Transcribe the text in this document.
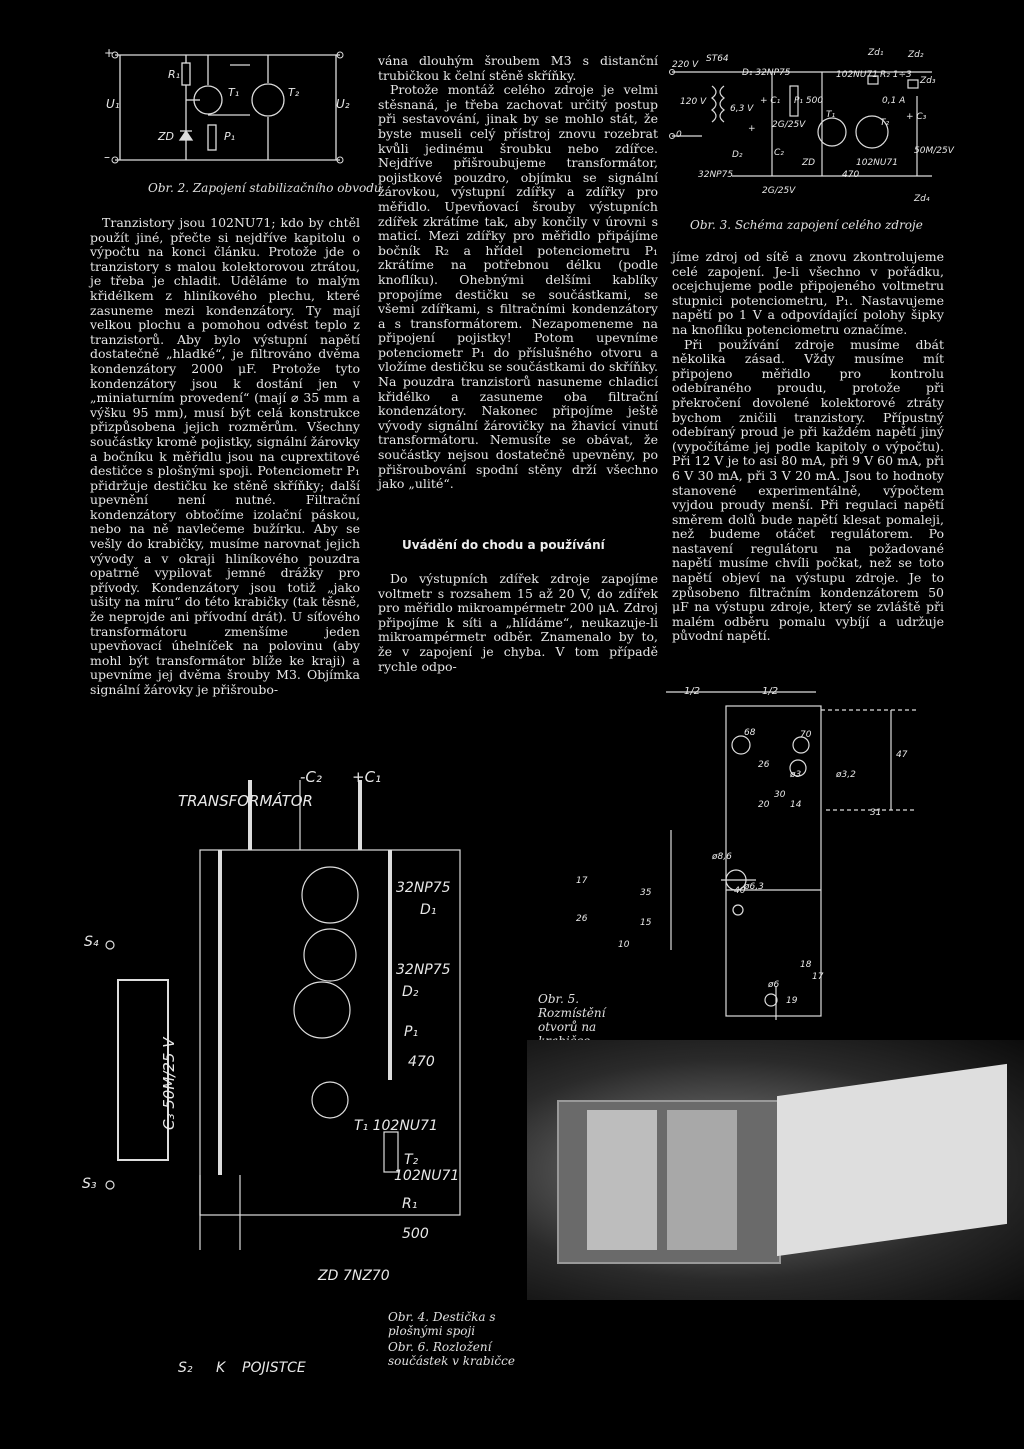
U₁	U₂
R₁
T₁	T₂
ZD	P₁
+
–
Obr. 2. Zapojení stabilizačního obvodu

Tranzistory jsou 102NU71; kdo by chtěl použít jiné, přečte si nejdříve kapitolu o výpočtu na konci článku. Protože jde o tranzistory s malou kolektorovou ztrátou, je třeba je chladit. Uděláme to malým křidélkem z hliníkového plechu, které zasuneme mezi kondenzátory. Ty mají velkou plochu a pomohou odvést teplo z tranzistorů. Aby bylo výstupní napětí dostatečně „hladké“, je filtrováno dvěma kondenzátory 2000 μF. Protože tyto kondenzátory jsou k dostání jen v „miniaturním provedení“ (mají ⌀ 35 mm a výšku 95 mm), musí být celá konstrukce přizpůsobena jejich rozměrům. Všechny součástky kromě pojistky, signální žárovky a bočníku k měřidlu jsou na cuprextitové destičce s plošnými spoji. Potenciometr P₁ přidržuje destičku ke stěně skříňky; další upevnění není nutné. Filtrační kondenzátory obtočíme izolační páskou, nebo na ně navlečeme bužírku. Aby se vešly do krabičky, musíme narovnat jejich vývody a v okraji hliníkového pouzdra opatrně vypilovat jemné drážky pro přívody. Kondenzátory jsou totiž „jako ušity na míru“ do této krabičky (tak těsně, že neprojde ani přívodní drát). U síťového transformátoru zmenšíme jeden upevňovací úhelníček na polovinu (aby mohl být transformátor blíže ke kraji) a upevníme jej dvěma šrouby M3. Objímka signální žárovky je přišroubo-

vána dlouhým šroubem M3 s distanční trubičkou k čelní stěně skříňky.

Protože montáž celého zdroje je velmi stěsnaná, je třeba zachovat určitý postup při sestavování, jinak by se mohlo stát, že byste museli celý přístroj znovu rozebrat kvůli jedinému šroubku nebo zdířce. Nejdříve přišroubujeme transformátor, pojistkové pouzdro, objímku se signální žárovkou, výstupní zdířky a zdířky pro měřidlo. Upevňovací šrouby výstupních zdířek zkrátíme tak, aby končily v úrovni s maticí. Mezi zdířky pro měřidlo připájíme bočník R₂ a hřídel potenciometru P₁ zkrátíme na potřebnou délku (podle knoflíku). Ohebnými delšími kablíky propojíme destičku se součástkami, se všemi zdířkami, s filtračními kondenzátory a s transformátorem. Nezapomeneme na připojení pojistky! Potom upevníme potenciometr P₁ do příslušného otvoru a vložíme destičku se součástkami do skříňky. Na pouzdra tranzistorů nasuneme chladicí křidélko a zasuneme oba filtrační kondenzátory. Nakonec připojíme ještě vývody signální žárovičky na žhavicí vinutí transformátoru. Nemusíte se obávat, že součástky nejsou dostatečně upevněny, po přišroubování spodní stěny drží všechno jako „ulité“.

Uvádění do chodu a používání

Do výstupních zdířek zdroje zapojíme voltmetr s rozsahem 15 až 20 V, do zdířek pro měřidlo mikroampérmetr 200 μA. Zdroj připojíme k síti a „hlídáme“, neukazuje-li mikroampérmetr odběr. Znamenalo by to, že v zapojení je chyba. V tom případě rychle odpo-

220 V
ST64
120 V
6,3 V
0
D₁ 32NP75
D₂
32NP75
+ C₁
2G/25V
C₂
2G/25V
P₁ 500
T₁
T₂
102NU71
102NU71
ZD
470
R₂ 1÷3
Zd₁	Zd₂
Zd₃
Zd₄
0,1 A
+ C₃
50M/25V
+
Obr. 3. Schéma zapojení celého zdroje

jíme zdroj od sítě a znovu zkontrolujeme celé zapojení. Je-li všechno v pořádku, ocejchujeme podle připojeného voltmetru stupnici potenciometru, P₁. Nastavujeme napětí po 1 V a odpovídající polohy šipky na knoflíku potenciometru označíme.

Při používání zdroje musíme dbát několika zásad. Vždy musíme mít připojeno měřidlo pro kontrolu odebíraného proudu, protože při překročení dovolené kolektorové ztráty bychom zničili tranzistory. Přípustný odebíraný proud je při každém napětí jiný (vypočítáme jej podle kapitoly o výpočtu). Při 12 V je to asi 80 mA, při 9 V 60 mA, při 6 V 30 mA, při 3 V 20 mA. Jsou to hodnoty stanovené experimentálně, výpočtem vyjdou proudy menší. Při regulaci napětí směrem dolů bude napětí klesat pomaleji, než budeme otáčet regulátorem. Po nastavení regulátoru na požadované napětí musíme chvíli počkat, než se toto napětí objeví na výstupu zdroje. Je to způsobeno filtračním kondenzátorem 50 μF na výstupu zdroje, který se zvláště při malém odběru pomalu vybíjí a udržuje původní napětí.

1/2	1/2
68	70
26
20
ø3	ø3,2
30
14
31
47
ø8,6
ø6,3
40
17
35
26	15
10
ø6
18
17
19
Obr. 5. Rozmístění otvorů na
TRANSFORMÁTOR
-C₂ +C₁
32NP75
D₁
32NP75
D₂
P₁
470
T₁ 102NU71
T₂
102NU71
R₁
500
ZD 7NZ70
C₃ 50M/25 V
S₄
S₃
S₂ K POJISTCE
Obr. 4. Destička s plošnými spoji
Obr. 6. Rozložení součástek v krabičce
